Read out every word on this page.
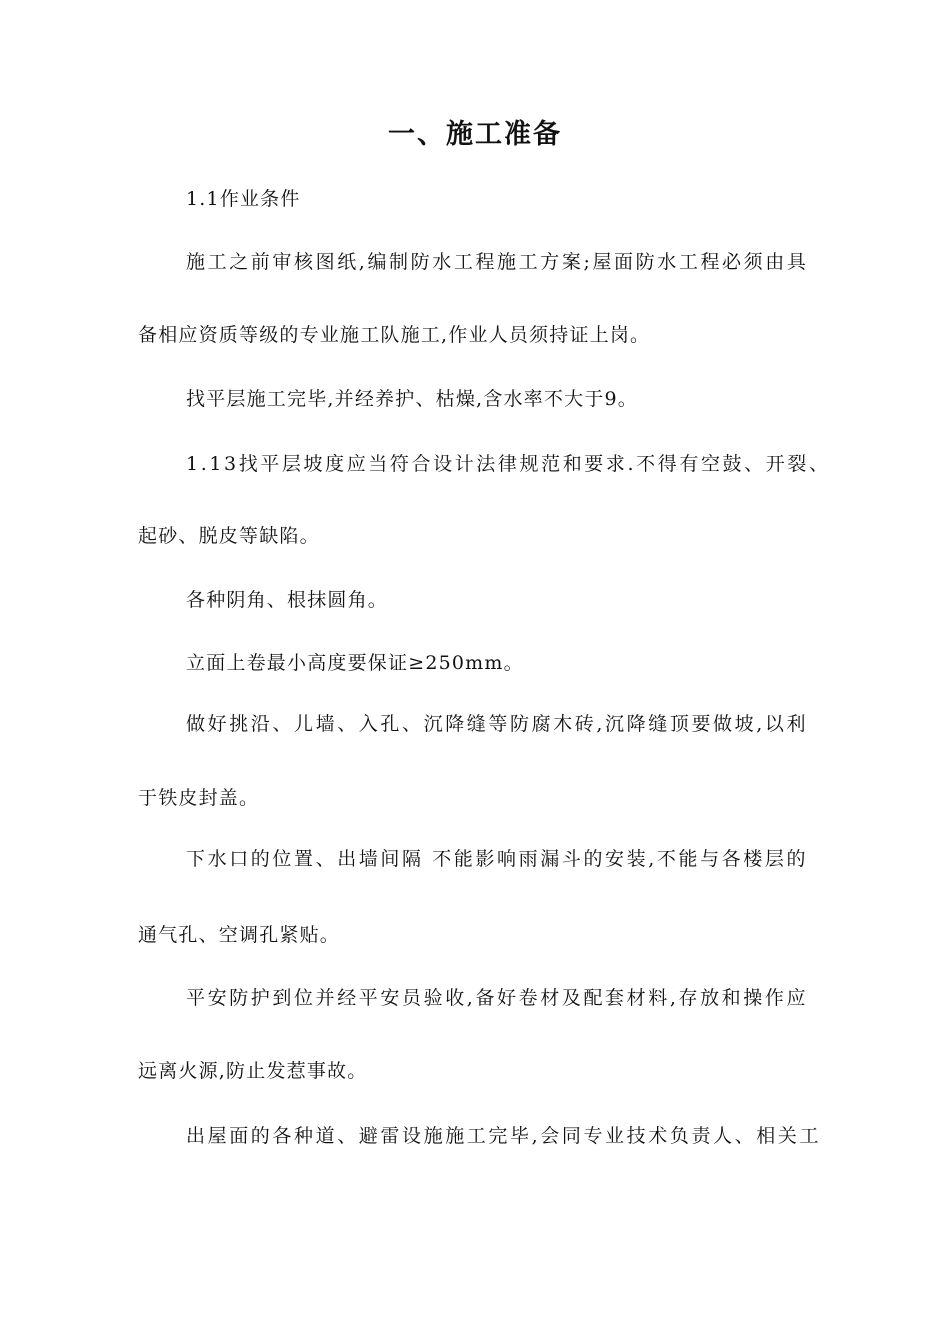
一、施工准备
1.1作业条件
施工之前审核图纸,编制防水工程施工方案;屋面防水工程必须由具
备相应资质等级的专业施工队施工,作业人员须持证上岗。
找平层施工完毕,并经养护、枯燥,含水率不大于9。
1.13找平层坡度应当符合设计法律规范和要求.不得有空鼓、开裂、
起砂、脱皮等缺陷。
各种阴角、根抹圆角。
立面上卷最小高度要保证≥250mm。
做好挑沿、儿墙、入孔、沉降缝等防腐木砖,沉降缝顶要做坡,以利
于铁皮封盖。
下水口的位置、出墙间隔 不能影响雨漏斗的安装,不能与各楼层的
通气孔、空调孔紧贴。
平安防护到位并经平安员验收,备好卷材及配套材料,存放和操作应
远离火源,防止发惹事故。
出屋面的各种道、避雷设施施工完毕,会同专业技术负责人、相关工
